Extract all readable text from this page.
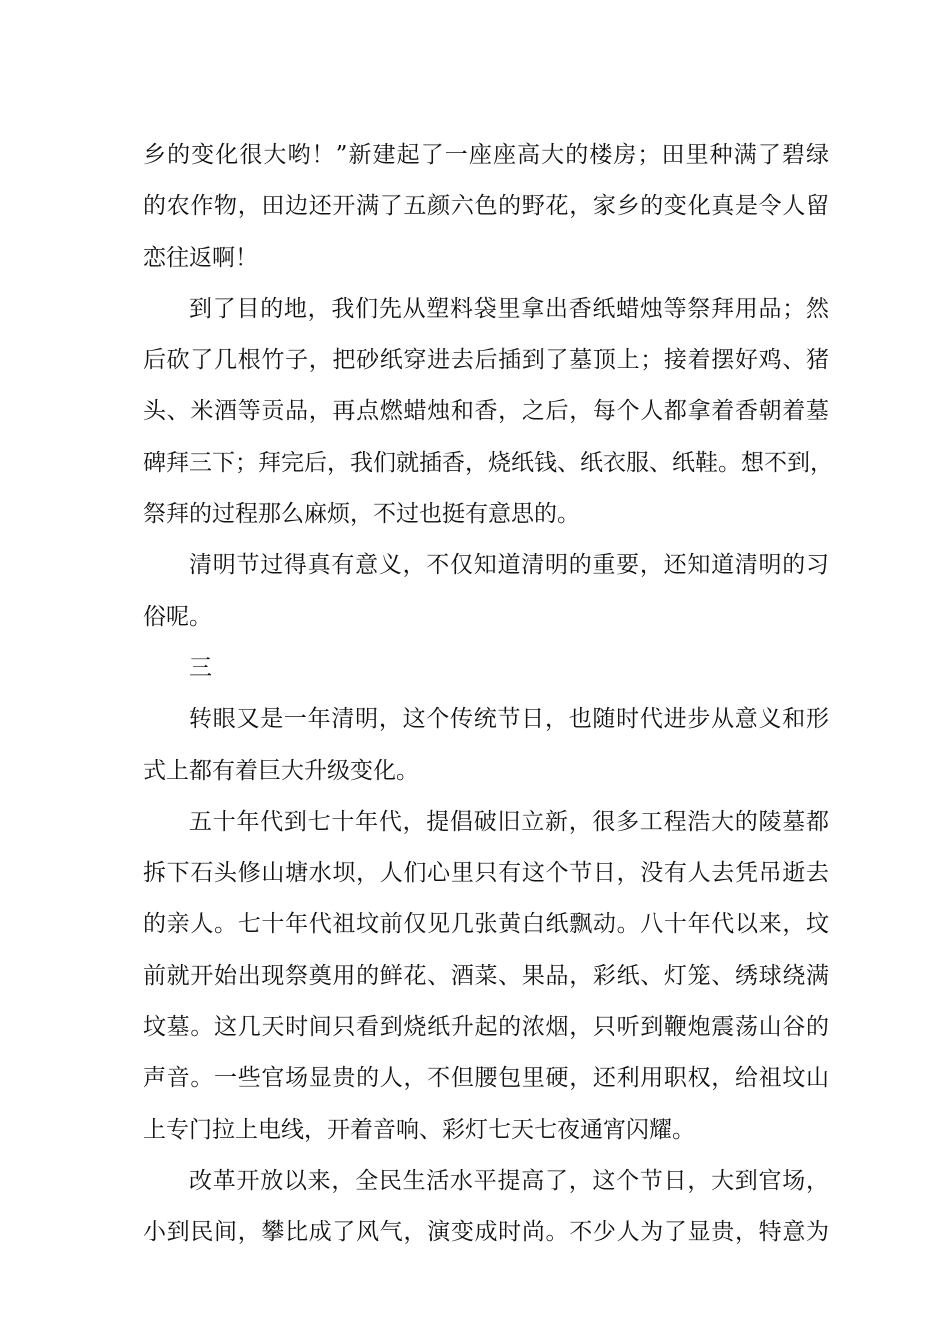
乡的变化很大哟！”新建起了一座座高大的楼房；田里种满了碧绿
的农作物，田边还开满了五颜六色的野花，家乡的变化真是令人留
恋往返啊！
到了目的地，我们先从塑料袋里拿出香纸蜡烛等祭拜用品；然
后砍了几根竹子，把砂纸穿进去后插到了墓顶上；接着摆好鸡、猪
头、米酒等贡品，再点燃蜡烛和香，之后，每个人都拿着香朝着墓
碑拜三下；拜完后，我们就插香，烧纸钱、纸衣服、纸鞋。想不到，
祭拜的过程那么麻烦，不过也挺有意思的。
清明节过得真有意义，不仅知道清明的重要，还知道清明的习
俗呢。
三
转眼又是一年清明，这个传统节日，也随时代进步从意义和形
式上都有着巨大升级变化。
五十年代到七十年代，提倡破旧立新，很多工程浩大的陵墓都
拆下石头修山塘水坝，人们心里只有这个节日，没有人去凭吊逝去
的亲人。七十年代祖坟前仅见几张黄白纸飘动。八十年代以来，坟
前就开始出现祭奠用的鲜花、酒菜、果品，彩纸、灯笼、绣球绕满
坟墓。这几天时间只看到烧纸升起的浓烟，只听到鞭炮震荡山谷的
声音。一些官场显贵的人，不但腰包里硬，还利用职权，给祖坟山
上专门拉上电线，开着音响、彩灯七天七夜通宵闪耀。
改革开放以来，全民生活水平提高了，这个节日，大到官场，
小到民间，攀比成了风气，演变成时尚。不少人为了显贵，特意为
